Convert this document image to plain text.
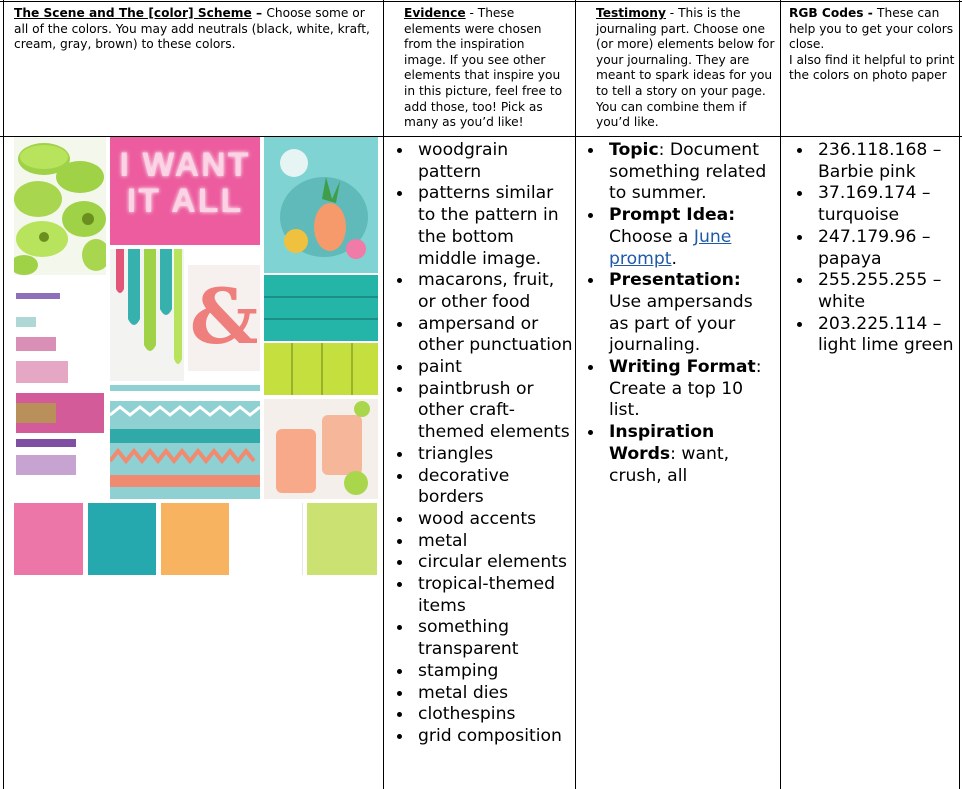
The Scene and The [color] Scheme – Choose some or all of the colors. You may add neutrals (black, white, kraft, cream, gray, brown) to these colors.
Evidence - These elements were chosen from the inspiration image. If you see other elements that inspire you in this picture, feel free to add those, too! Pick as many as you’d like!
Testimony - This is the journaling part. Choose one (or more) elements below for your journaling. They are meant to spark ideas for you to tell a story on your page. You can combine them if you’d like.
RGB Codes - These can help you to get your colors close.
I also find it helpful to print the colors on photo paper
I WANT
IT ALL
&
woodgrain pattern
patterns similar to the pattern in the bottom middle image.
macarons, fruit, or other food
ampersand or other punctuation
paint
paintbrush or other craft-themed elements
triangles
decorative borders
wood accents
metal
circular elements
tropical-themed items
something transparent
stamping
metal dies
clothespins
grid composition
Topic: Document something related to summer.
Prompt Idea: Choose a June prompt.
Presentation: Use ampersands as part of your journaling.
Writing Format: Create a top 10 list.
Inspiration Words: want, crush, all
236.118.168 – Barbie pink
37.169.174 – turquoise
247.179.96 – papaya
255.255.255 – white
203.225.114 – light lime green
